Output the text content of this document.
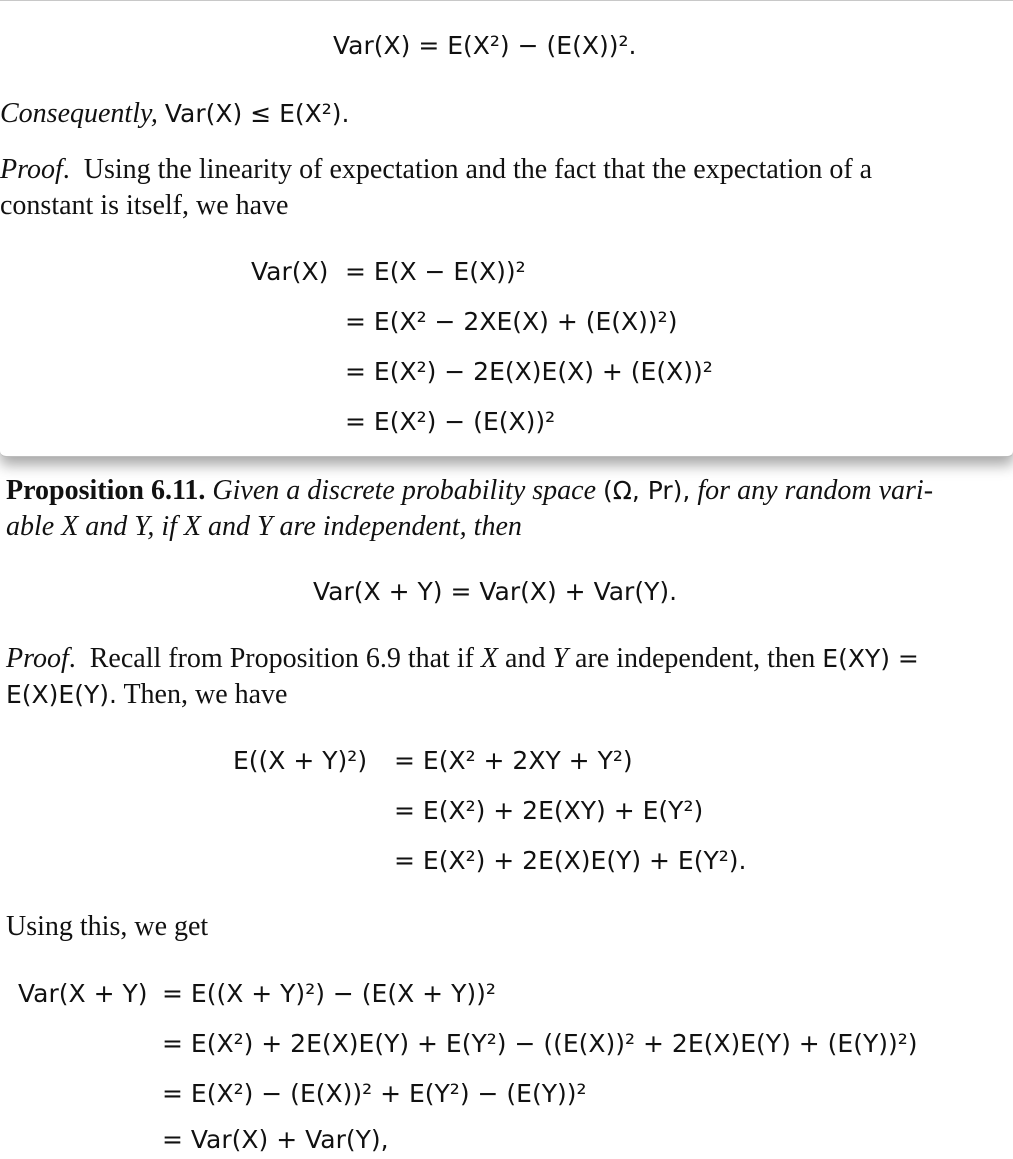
Var(X) = E(X²) − (E(X))².
Consequently, Var(X) ≤ E(X²).
Proof.  Using the linearity of expectation and the fact that the expectation of a
constant is itself, we have
Var(X) = E(X − E(X))²
= E(X² − 2XE(X) + (E(X))²)
= E(X²) − 2E(X)E(X) + (E(X))²
= E(X²) − (E(X))²
Proposition 6.11. Given a discrete probability space (Ω, Pr), for any random vari-
able X and Y, if X and Y are independent, then
Var(X + Y) = Var(X) + Var(Y).
Proof.  Recall from Proposition 6.9 that if X and Y are independent, then E(XY) =
E(X)E(Y). Then, we have
E((X + Y)²) = E(X² + 2XY + Y²)
= E(X²) + 2E(XY) + E(Y²)
= E(X²) + 2E(X)E(Y) + E(Y²).
Using this, we get
Var(X + Y) = E((X + Y)²) − (E(X + Y))²
= E(X²) + 2E(X)E(Y) + E(Y²) − ((E(X))² + 2E(X)E(Y) + (E(Y))²)
= E(X²) − (E(X))² + E(Y²) − (E(Y))²
= Var(X) + Var(Y),
